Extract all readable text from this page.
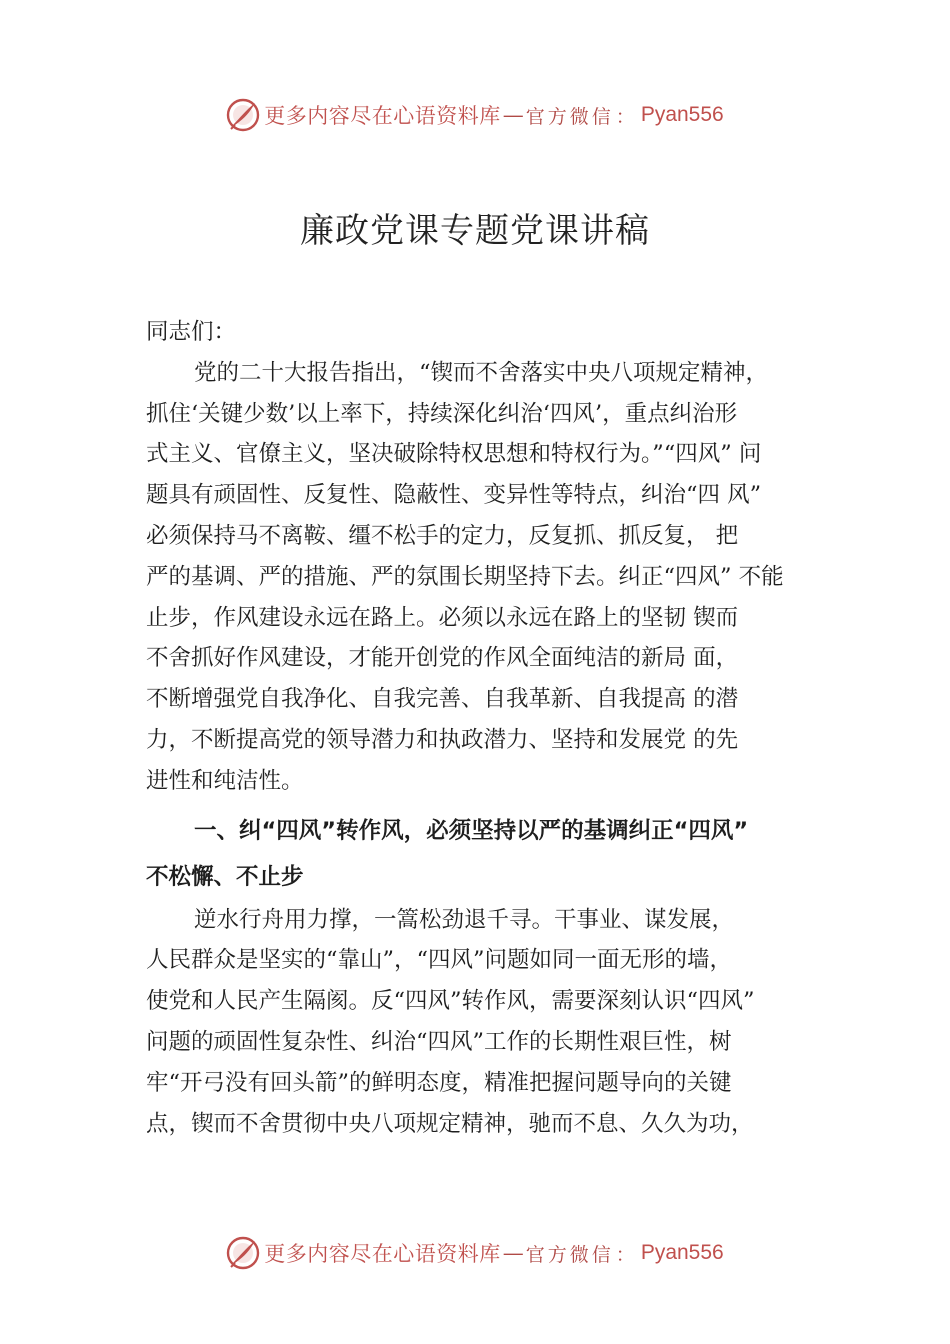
更多内容尽在心语资料库 — 官方微信 ： Pyan556
廉政党课专题党课讲稿
同志们：
党的二十大报告指出，“锲而不舍落实中央八项规定精神，
抓住‘关键少数’以上率下，持续深化纠治‘四风’，重点纠治形
式主义、官僚主义，坚决破除特权思想和特权行为。”“四风” 问
题具有顽固性、反复性、隐蔽性、变异性等特点，纠治“四 风”
必须保持马不离鞍、缰不松手的定力，反复抓、抓反复， 把
严的基调、严的措施、严的氛围长期坚持下去。纠正“四风” 不能
止步，作风建设永远在路上。必须以永远在路上的坚韧 锲而
不舍抓好作风建设，才能开创党的作风全面纯洁的新局 面，
不断增强党自我净化、自我完善、自我革新、自我提高 的潜
力，不断提高党的领导潜力和执政潜力、坚持和发展党 的先
进性和纯洁性。
一、纠“四风”转作风，必须坚持以严的基调纠正“四风”
不松懈、不止步
逆水行舟用力撑，一篙松劲退千寻。干事业、谋发展，
人民群众是坚实的“靠山”，“四风”问题如同一面无形的墙，
使党和人民产生隔阂。反“四风”转作风，需要深刻认识“四风”
问题的顽固性复杂性、纠治“四风”工作的长期性艰巨性，树
牢“开弓没有回头箭”的鲜明态度，精准把握问题导向的关键
点，锲而不舍贯彻中央八项规定精神，驰而不息、久久为功，
更多内容尽在心语资料库 — 官方微信 ： Pyan556
